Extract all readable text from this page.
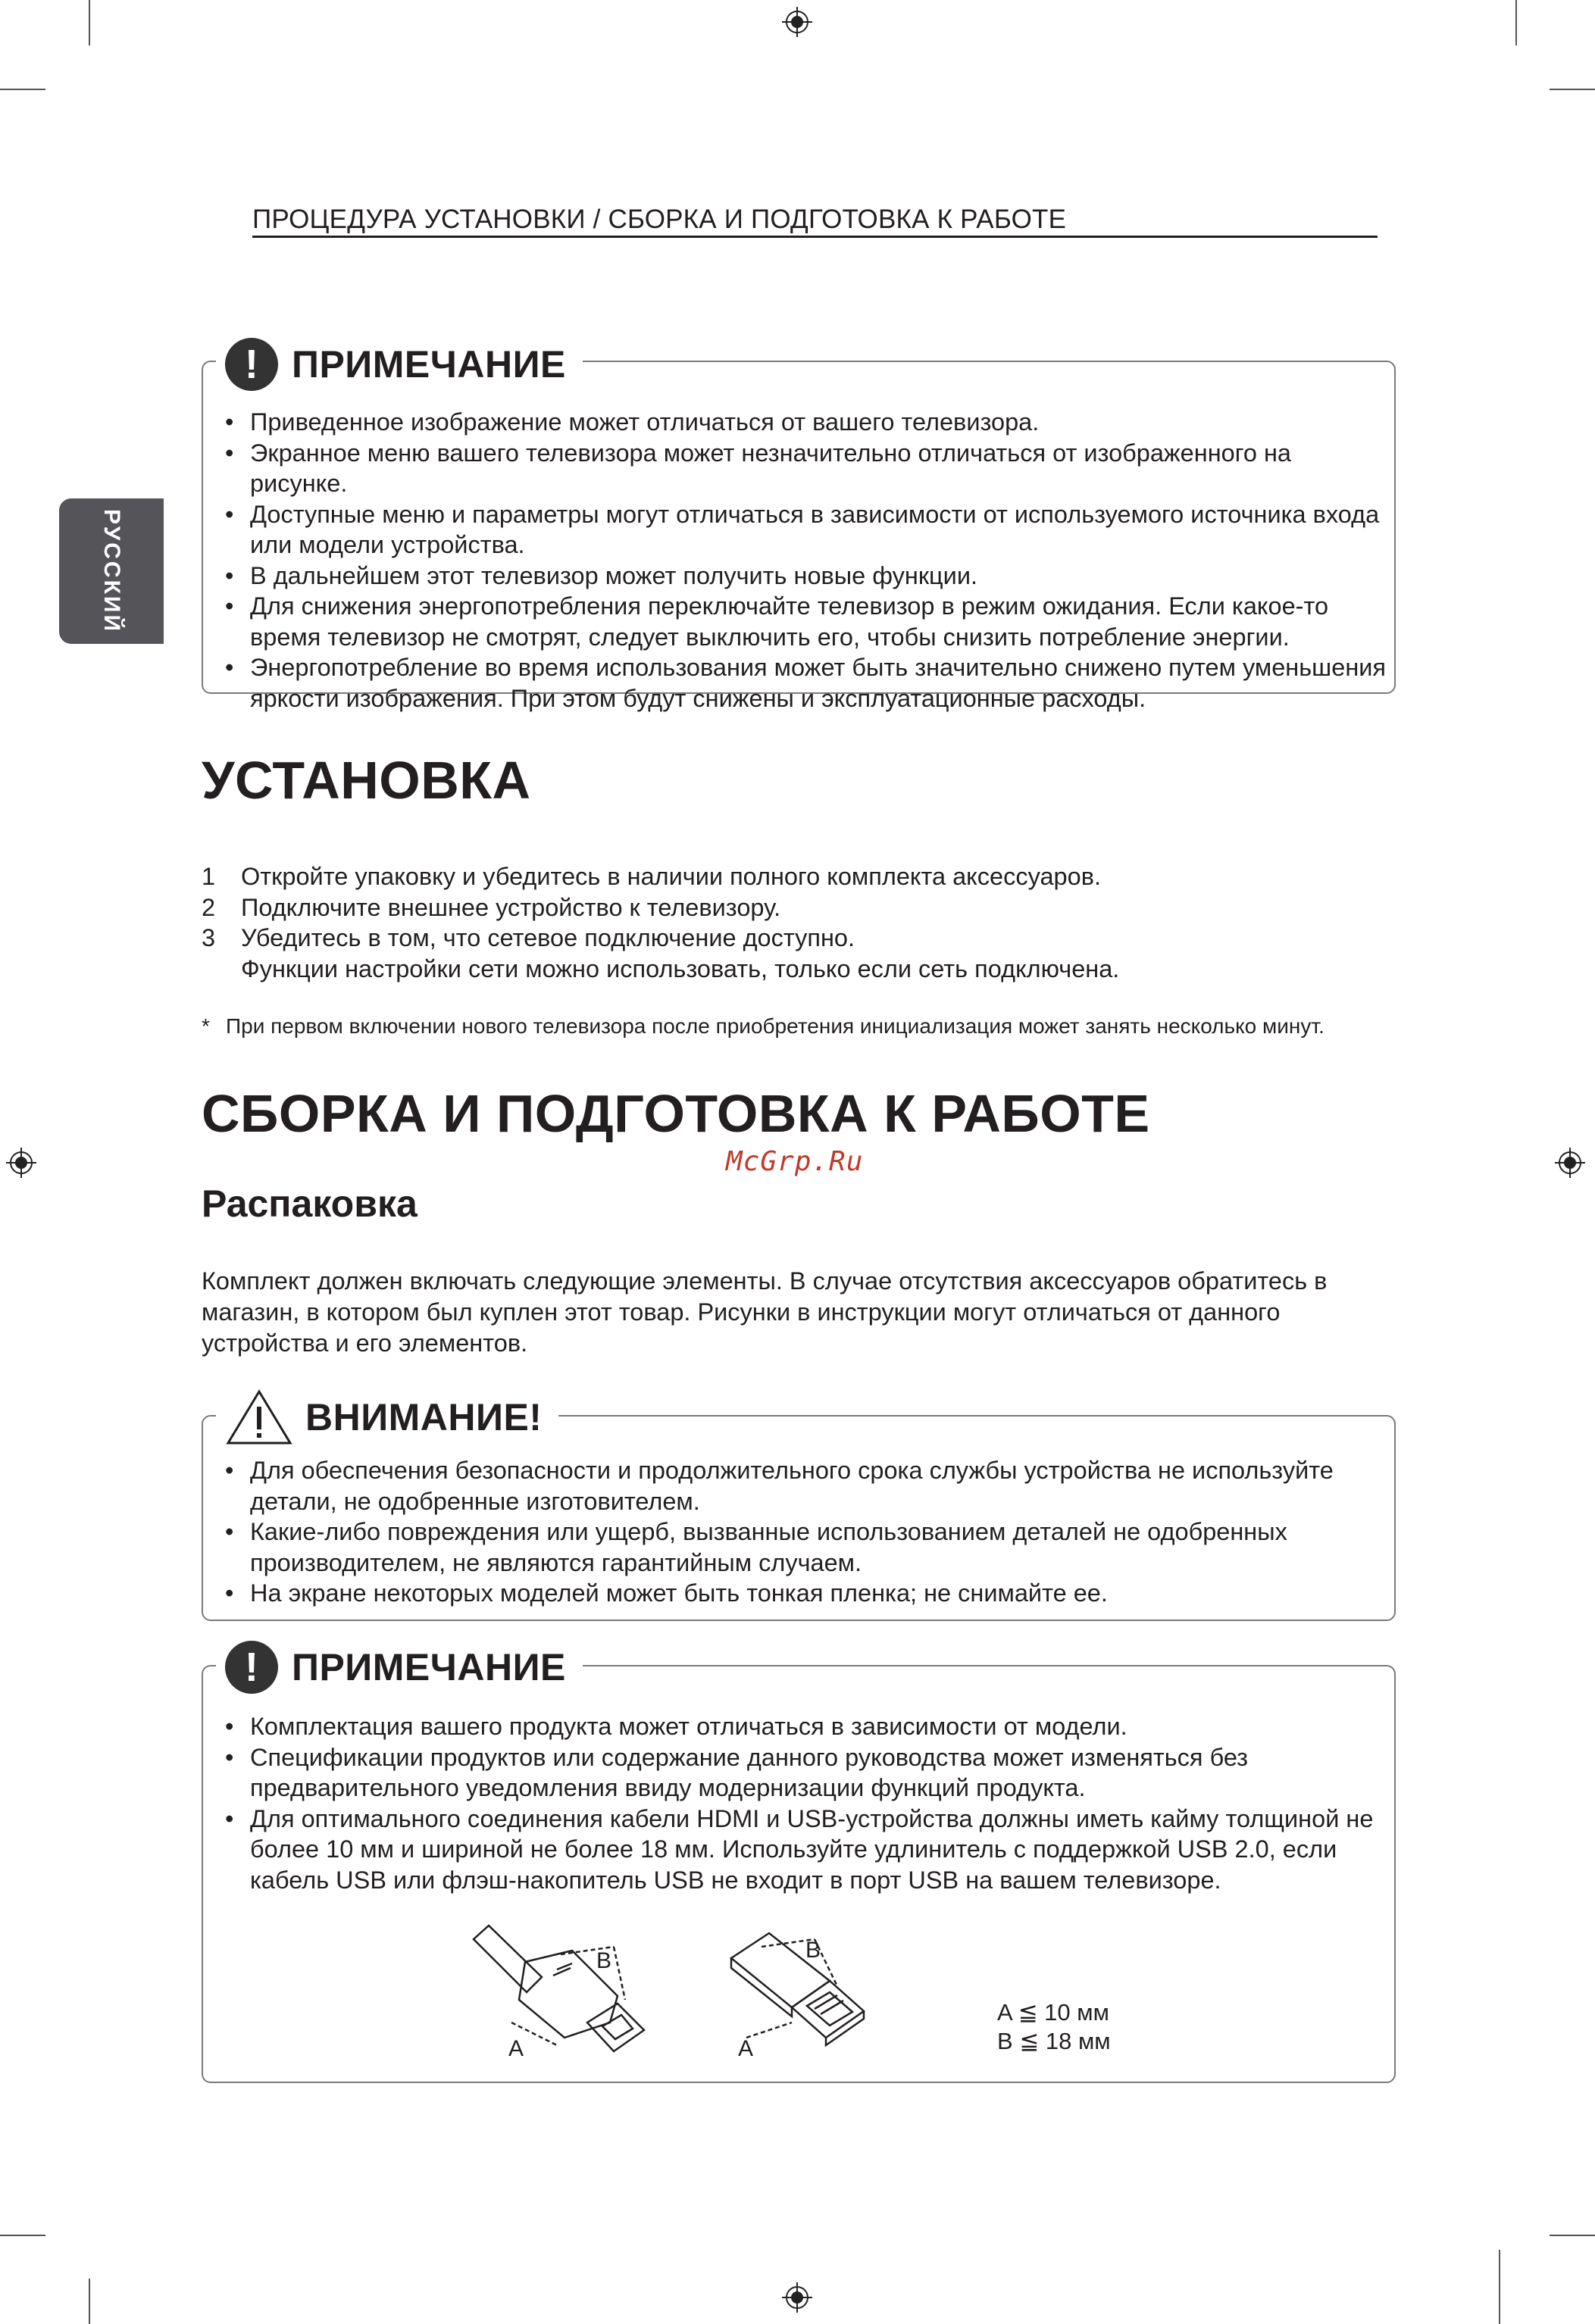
ПРОЦЕДУРА УСТАНОВКИ / СБОРКА И ПОДГОТОВКА К РАБОТЕ
РУССКИЙ
! ПРИМЕЧАНИЕ
• Приведенное изображение может отличаться от вашего телевизора.
• Экранное меню вашего телевизора может незначительно отличаться от изображенного на рисунке.
• Доступные меню и параметры могут отличаться в зависимости от используемого источника входа или модели устройства.
• В дальнейшем этот телевизор может получить новые функции.
• Для снижения энергопотребления переключайте телевизор в режим ожидания. Если какое-то время телевизор не смотрят, следует выключить его, чтобы снизить потребление энергии.
• Энергопотребление во время использования может быть значительно снижено путем уменьшения яркости изображения. При этом будут снижены и эксплуатационные расходы.
УСТАНОВКА
1 Откройте упаковку и убедитесь в наличии полного комплекта аксессуаров.
2 Подключите внешнее устройство к телевизору.
3 Убедитесь в том, что сетевое подключение доступно.
Функции настройки сети можно использовать, только если сеть подключена.
* При первом включении нового телевизора после приобретения инициализация может занять несколько минут.
СБОРКА И ПОДГОТОВКА К РАБОТЕ
McGrp.Ru
Распаковка
Комплект должен включать следующие элементы. В случае отсутствия аксессуаров обратитесь в магазин, в котором был куплен этот товар. Рисунки в инструкции могут отличаться от данного устройства и его элементов.
ВНИМАНИЕ!
• Для обеспечения безопасности и продолжительного срока службы устройства не используйте детали, не одобренные изготовителем.
• Какие-либо повреждения или ущерб, вызванные использованием деталей не одобренных производителем, не являются гарантийным случаем.
• На экране некоторых моделей может быть тонкая пленка; не снимайте ее.
! ПРИМЕЧАНИЕ
• Комплектация вашего продукта может отличаться в зависимости от модели.
• Спецификации продуктов или содержание данного руководства может изменяться без предварительного уведомления ввиду модернизации функций продукта.
• Для оптимального соединения кабели HDMI и USB-устройства должны иметь кайму толщиной не более 10 мм и шириной не более 18 мм. Используйте удлинитель с поддержкой USB 2.0, если кабель USB или флэш-накопитель USB не входит в порт USB на вашем телевизоре.
B
A
B
A
A ≦ 10 мм
B ≦ 18 мм
